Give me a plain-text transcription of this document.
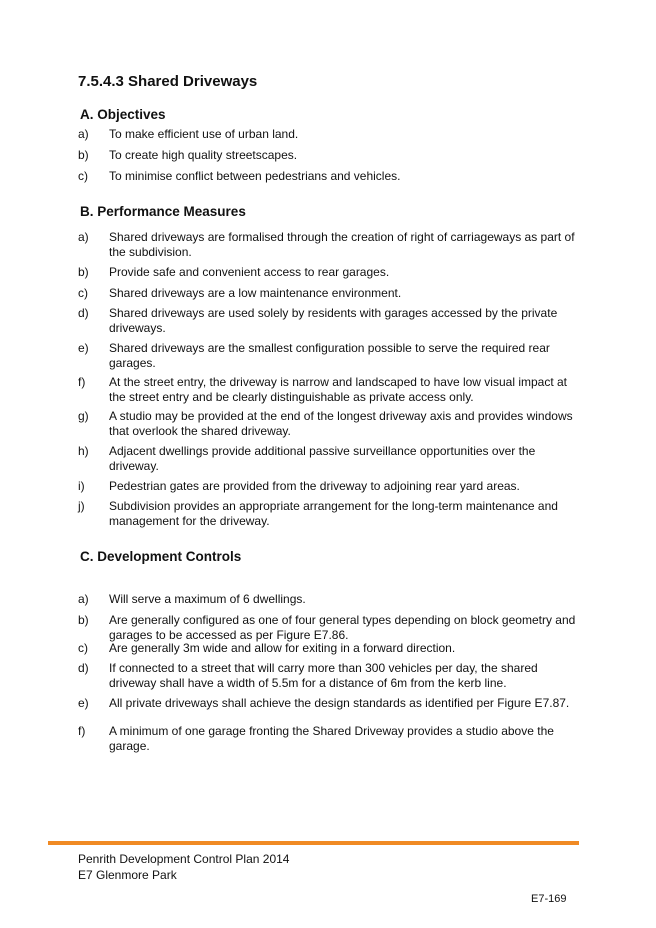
7.5.4.3 Shared Driveways
A. Objectives
a)	To make efficient use of urban land.
b)	To create high quality streetscapes.
c)	To minimise conflict between pedestrians and vehicles.
B. Performance Measures
a)	Shared driveways are formalised through the creation of right of carriageways as part of the subdivision.
b)	Provide safe and convenient access to rear garages.
c)	Shared driveways are a low maintenance environment.
d)	Shared driveways are used solely by residents with garages accessed by the private driveways.
e)	Shared driveways are the smallest configuration possible to serve the required rear garages.
f)	At the street entry, the driveway is narrow and landscaped to have low visual impact at the street entry and be clearly distinguishable as private access only.
g)	A studio may be provided at the end of the longest driveway axis and provides windows that overlook the shared driveway.
h)	Adjacent dwellings provide additional passive surveillance opportunities over the driveway.
i)	Pedestrian gates are provided from the driveway to adjoining rear yard areas.
j)	Subdivision provides an appropriate arrangement for the long-term maintenance and management for the driveway.
C. Development Controls
a)	Will serve a maximum of 6 dwellings.
b)	Are generally configured as one of four general types depending on block geometry and garages to be accessed as per Figure E7.86.
c)	Are generally 3m wide and allow for exiting in a forward direction.
d)	If connected to a street that will carry more than 300 vehicles per day, the shared driveway shall have a width of 5.5m for a distance of 6m from the kerb line.
e)	All private driveways shall achieve the design standards as identified per Figure E7.87.
f)	A minimum of one garage fronting the Shared Driveway provides a studio above the garage.
Penrith Development Control Plan 2014
E7 Glenmore Park
E7-169
